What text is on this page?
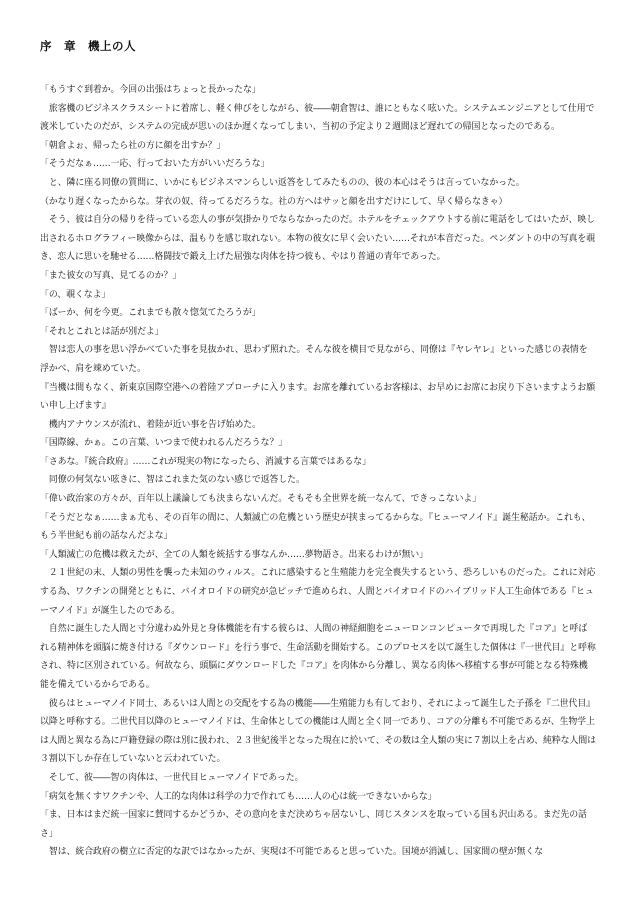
序　章　機上の人

「もうすぐ到着か。今回の出張はちょっと長かったな」

旅客機のビジネスクラスシートに着席し、軽く伸びをしながら、彼――朝倉智は、誰にともなく呟いた。システムエンジニアとして仕用で渡米していたのだが、システムの完成が思いのほか遅くなってしまい、当初の予定より２週間ほど遅れての帰国となったのである。

「朝倉よぉ、帰ったら社の方に顔を出すか？」

「そうだなぁ……一応、行っておいた方がいいだろうな」

と、隣に座る同僚の質問に、いかにもビジネスマンらしい返答をしてみたものの、彼の本心はそうは言っていなかった。

（かなり遅くなったからな。芽衣の奴、待ってるだろうな。社の方へはサッと顔を出すだけにして、早く帰らなきゃ）

そう、彼は自分の帰りを待っている恋人の事が気掛かりでならなかったのだ。ホテルをチェックアウトする前に電話をしてはいたが、映し出されるホログラフィー映像からは、温もりを感じ取れない。本物の彼女に早く会いたい……それが本音だった。ペンダントの中の写真を覗き、恋人に思いを馳せる……格闘技で鍛え上げた屈強な肉体を持つ彼も、やはり普通の青年であった。

「また彼女の写真、見てるのか？」

「の、覗くなよ」

「ばーか、何を今更。これまでも散々惚気てたろうが」

「それとこれとは話が別だよ」

智は恋人の事を思い浮かべていた事を見抜かれ、思わず照れた。そんな彼を横目で見ながら、同僚は『ヤレヤレ』といった感じの表情を浮かべ、肩を竦めていた。

『当機は間もなく、新東京国際空港への着陸アプローチに入ります。お席を離れているお客様は、お早めにお席にお戻り下さいますようお願い申し上げます』

機内アナウンスが流れ、着陸が近い事を告げ始めた。

「国際線、かぁ。この言葉、いつまで使われるんだろうな？」

「さあな。『統合政府』……これが現実の物になったら、消滅する言葉ではあるな」

同僚の何気ない呟きに、智はこれまた気のない感じで返答した。

「偉い政治家の方々が、百年以上議論しても決まらないんだ。そもそも全世界を統一なんて、できっこないよ」

「そうだとなぁ……まぁ尤も、その百年の間に、人類滅亡の危機という歴史が挟まってるからな。『ヒューマノイド』誕生秘話か。これも、もう半世紀も前の話なんだよな」

「人類滅亡の危機は救えたが、全ての人類を統括する事なんか……夢物語さ。出来るわけが無い」

２１世紀の末、人類の男性を襲った未知のウィルス。これに感染すると生殖能力を完全喪失するという、恐ろしいものだった。これに対応する為、ワクチンの開発とともに、バイオロイドの研究が急ピッチで進められ、人間とバイオロイドのハイブリッド人工生命体である『ヒューマノイド』が誕生したのである。

自然に誕生した人間と寸分違わぬ外見と身体機能を有する彼らは、人間の神経細胞をニューロンコンピュータで再現した『コア』と呼ばれる精神体を頭脳に焼き付ける『ダウンロード』を行う事で、生命活動を開始する。このプロセスを以て誕生した個体は『一世代目』と呼称され、特に区別されている。何故なら、頭脳にダウンロードした『コア』を肉体から分離し、異なる肉体へ移植する事が可能となる特殊機能を備えているからである。

彼らはヒューマノイド同士、あるいは人間との交配をする為の機能――生殖能力も有しており、それによって誕生した子孫を『二世代目』以降と呼称する。二世代目以降のヒューマノイドは、生命体としての機能は人間と全く同一であり、コアの分離も不可能であるが、生物学上は人間と異なる為に戸籍登録の際は別に扱われ、２３世紀後半となった現在に於いて、その数は全人類の実に７割以上を占め、純粋な人間は３割以下しか存在していないと云われていた。

そして、彼――智の肉体は、一世代目ヒューマノイドであった。

「病気を無くすワクチンや、人工的な肉体は科学の力で作れても……人の心は統一できないからな」

「ま、日本はまだ統一国家に賛同するかどうか、その意向をまだ決めちゃ居ないし、同じスタンスを取っている国も沢山ある。まだ先の話さ」

智は、統合政府の樹立に否定的な訳ではなかったが、実現は不可能であると思っていた。国境が消滅し、国家間の壁が無くな
